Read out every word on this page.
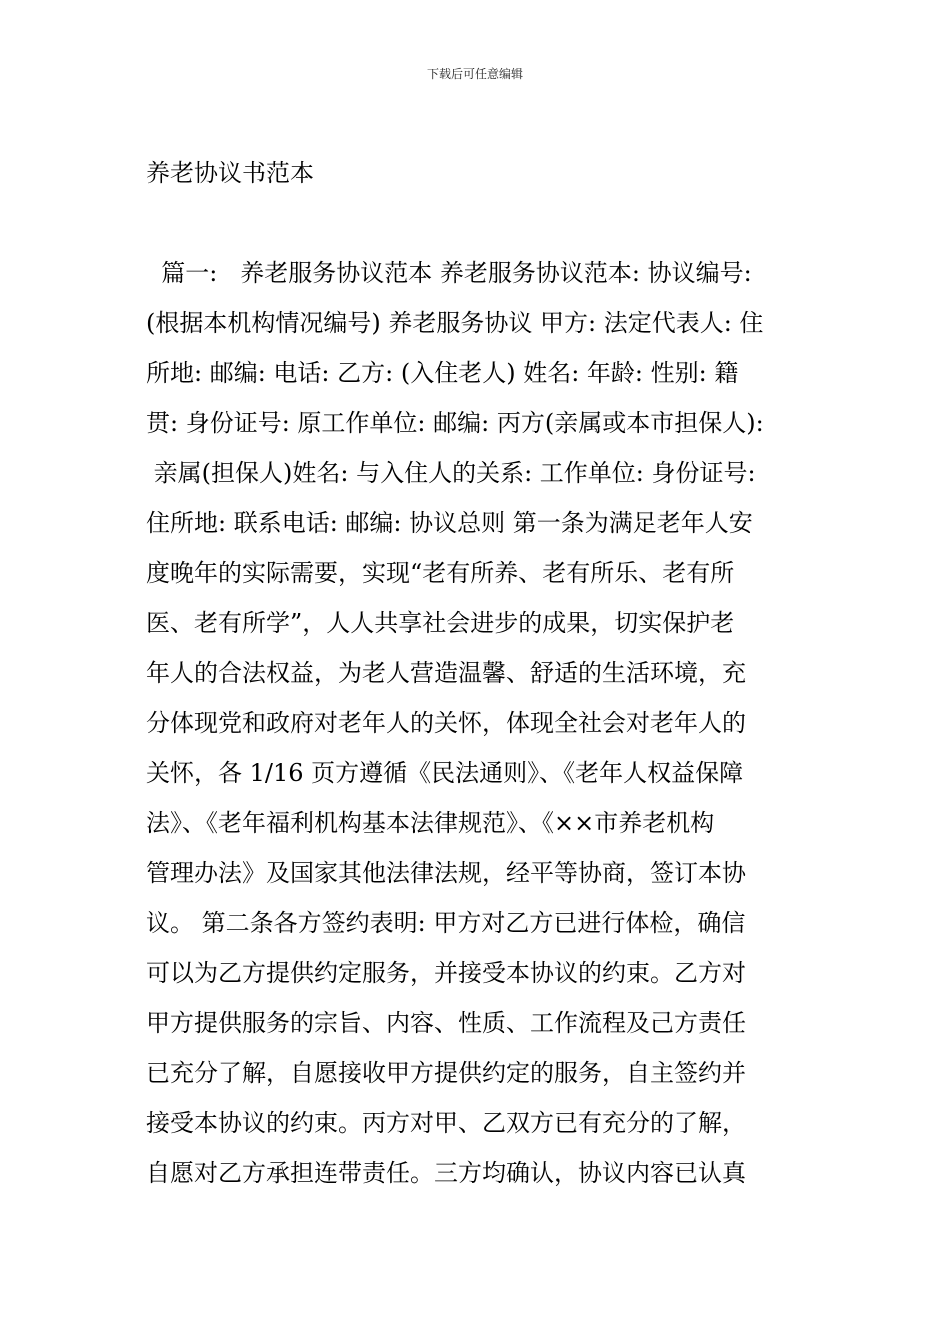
下载后可任意编辑
养老协议书范本
篇一:   养老服务协议范本 养老服务协议范本: 协议编号:
(根据本机构情况编号) 养老服务协议 甲方: 法定代表人: 住
所地: 邮编: 电话: 乙方: (入住老人) 姓名: 年龄: 性别: 籍
贯: 身份证号: 原工作单位: 邮编: 丙方(亲属或本市担保人):
亲属(担保人)姓名: 与入住人的关系: 工作单位: 身份证号:
住所地: 联系电话: 邮编: 协议总则 第一条为满足老年人安
度晚年的实际需要，实现“老有所养、老有所乐、老有所
医、老有所学”，人人共享社会进步的成果，切实保护老
年人的合法权益，为老人营造温馨、舒适的生活环境，充
分体现党和政府对老年人的关怀，体现全社会对老年人的
关怀，各 1/16 页方遵循《民法通则》、《老年人权益保障
法》、《老年福利机构基本法律规范》、《××市养老机构
管理办法》及国家其他法律法规，经平等协商，签订本协
议。 第二条各方签约表明: 甲方对乙方已进行体检，确信
可以为乙方提供约定服务，并接受本协议的约束。乙方对
甲方提供服务的宗旨、内容、性质、工作流程及己方责任
已充分了解，自愿接收甲方提供约定的服务，自主签约并
接受本协议的约束。丙方对甲、乙双方已有充分的了解，
自愿对乙方承担连带责任。三方均确认，协议内容已认真
